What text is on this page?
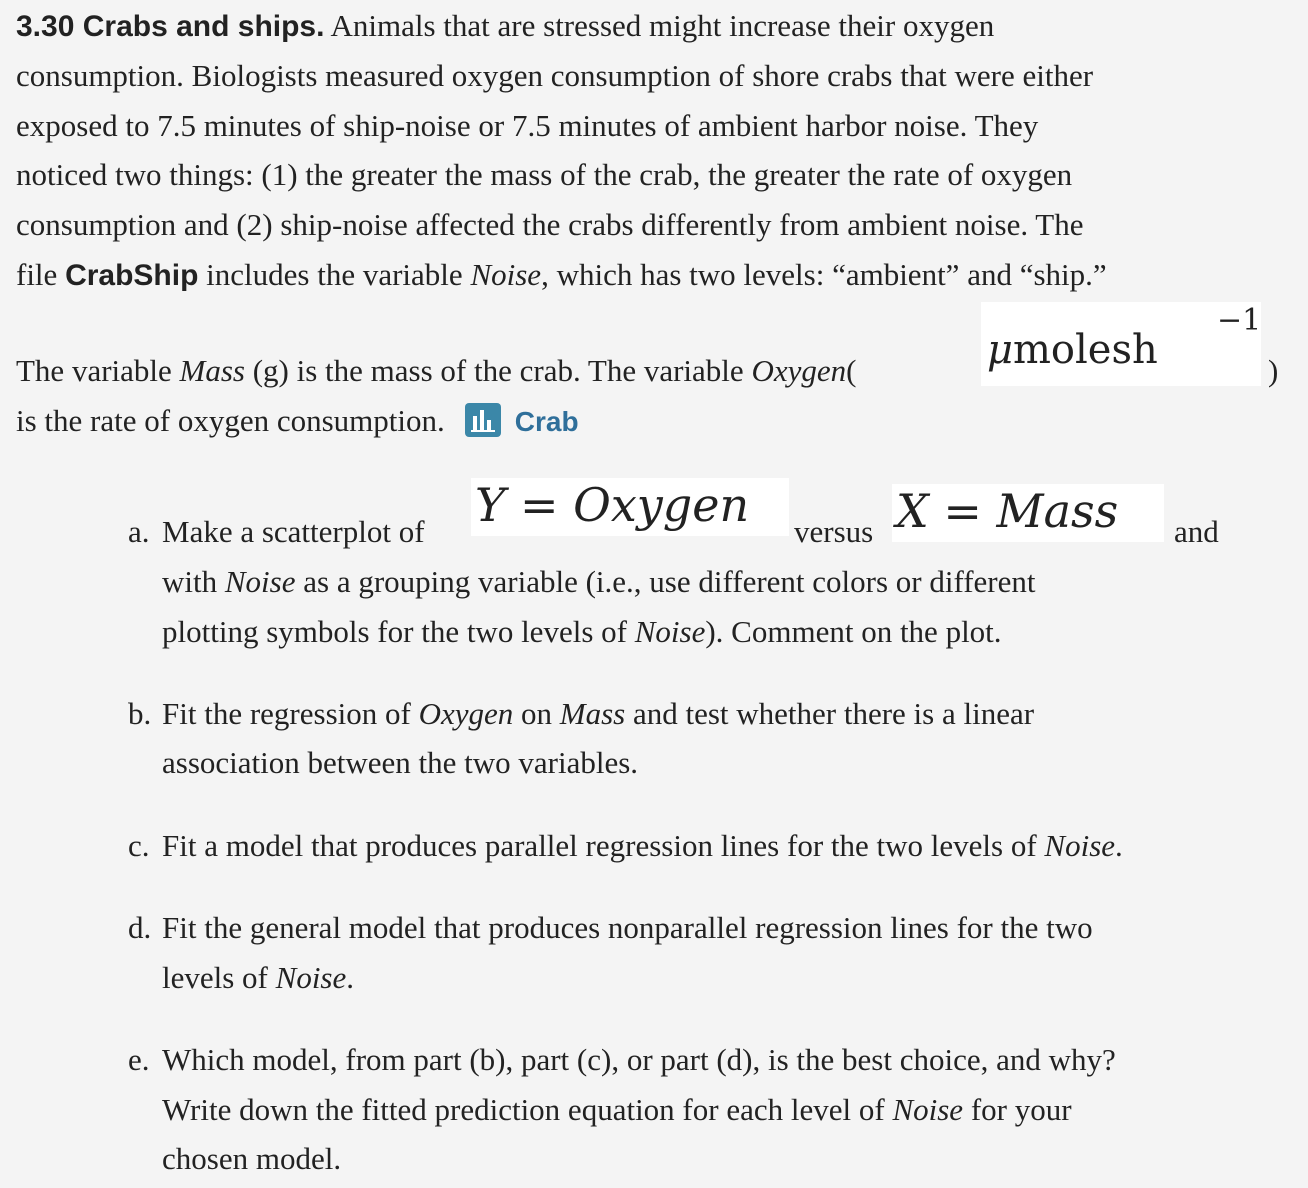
3.30 Crabs and ships. Animals that are stressed might increase their oxygen
consumption. Biologists measured oxygen consumption of shore crabs that were either
exposed to 7.5 minutes of ship-noise or 7.5 minutes of ambient harbor noise. They
noticed two things: (1) the greater the mass of the crab, the greater the rate of oxygen
consumption and (2) ship-noise affected the crabs differently from ambient noise. The
file CrabShip includes the variable Noise, which has two levels: “ambient” and “ship.”
The variable Mass (g) is the mass of the crab. The variable Oxygen(	μmolesh
−1
)
is the rate of oxygen consumption.	Crab
a. Make a scatterplot of Y = Oxygen	versus X = Mass	and
with Noise as a grouping variable (i.e., use different colors or different
plotting symbols for the two levels of Noise). Comment on the plot.
b. Fit the regression of Oxygen on Mass and test whether there is a linear
association between the two variables.
c. Fit a model that produces parallel regression lines for the two levels of Noise.
d. Fit the general model that produces nonparallel regression lines for the two
levels of Noise.
e. Which model, from part (b), part (c), or part (d), is the best choice, and why?
Write down the fitted prediction equation for each level of Noise for your
chosen model.
